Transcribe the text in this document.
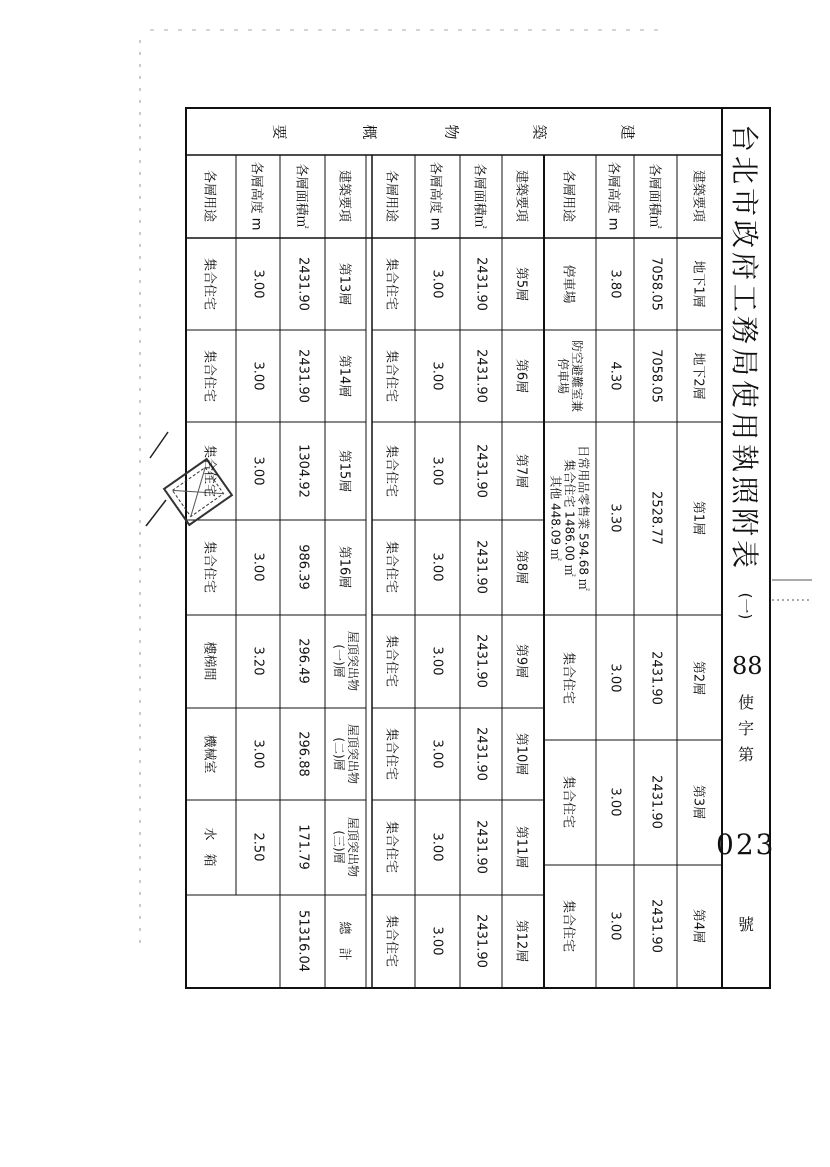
台北市政府工務局使用執照附表
(一)
88
使
字
第
023
號
建
築
物
概
要
建築要項
各層面積㎡
各層高度 m
各層用途
建築要項
各層面積㎡
各層高度 m
各層用途
建築要項
各層面積㎡
各層高度 m
各層用途
地下1層
地下2層
第1層
第2層
第3層
第4層
7058.05
7058.05
2528.77
2431.90
2431.90
2431.90
3.80
4.30
3.30
3.00
3.00
3.00
停車場
防空避難室兼停車場
日常用品零售業 594.68 ㎡
集合住宅 1486.00 ㎡
其他 448.09 ㎡
集合住宅
集合住宅
集合住宅
第5層
第6層
第7層
第8層
第9層
第10層
第11層
第12層
2431.90
2431.90
2431.90
2431.90
2431.90
2431.90
2431.90
2431.90
3.00
3.00
3.00
3.00
3.00
3.00
3.00
3.00
集合住宅
集合住宅
集合住宅
集合住宅
集合住宅
集合住宅
集合住宅
集合住宅
第13層
第14層
第15層
第16層
屋頂突出物(一)層
屋頂突出物(二)層
屋頂突出物(三)層
總　計
2431.90
2431.90
1304.92
986.39
296.49
296.88
171.79
51316.04
3.00
3.00
3.00
3.00
3.20
3.00
2.50
集合住宅
集合住宅
集合住宅
集合住宅
樓梯間
機械室
水　箱
